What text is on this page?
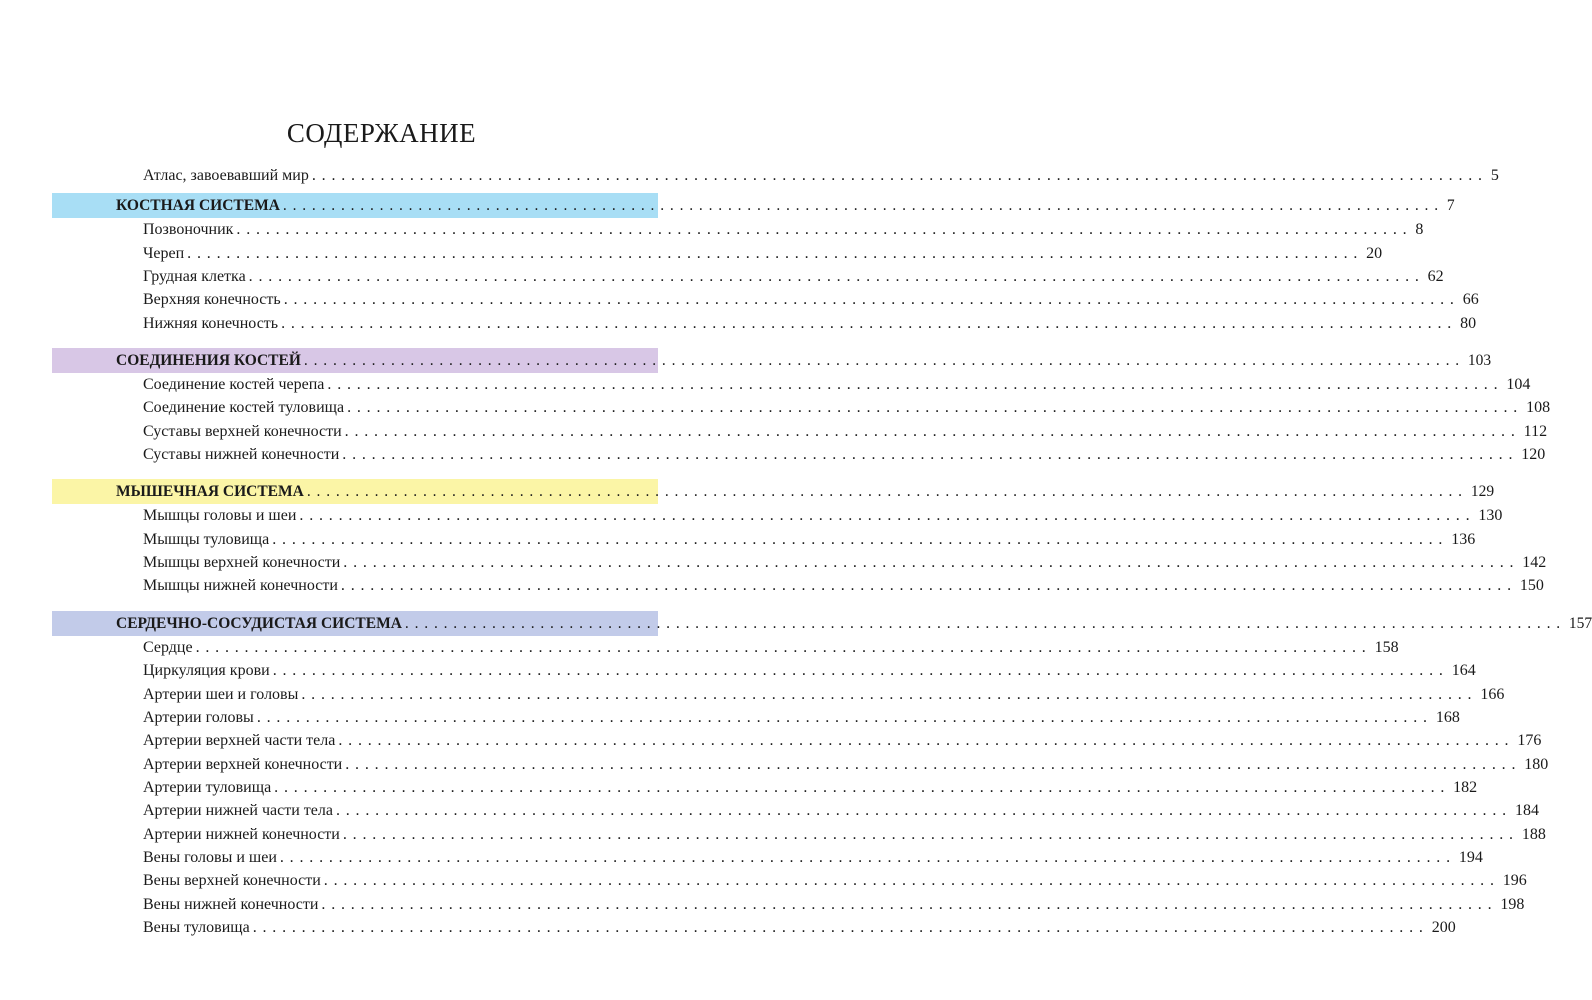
СОДЕРЖАНИЕ
Атлас, завоевавший мир ........................................................................................................................ 5
КОСТНАЯ СИСТЕМА ........................................................................................................................ 7
Позвоночник ........................................................................................................................ 8
Череп ........................................................................................................................ 20
Грудная клетка ........................................................................................................................ 62
Верхняя конечность ........................................................................................................................ 66
Нижняя конечность ........................................................................................................................ 80
СОЕДИНЕНИЯ КОСТЕЙ ........................................................................................................................ 103
Соединение костей черепа ........................................................................................................................ 104
Соединение костей туловища ........................................................................................................................ 108
Суставы верхней конечности ........................................................................................................................ 112
Суставы нижней конечности ........................................................................................................................ 120
МЫШЕЧНАЯ СИСТЕМА ........................................................................................................................ 129
Мышцы головы и шеи ........................................................................................................................ 130
Мышцы туловища ........................................................................................................................ 136
Мышцы верхней конечности ........................................................................................................................ 142
Мышцы нижней конечности ........................................................................................................................ 150
СЕРДЕЧНО-СОСУДИСТАЯ СИСТЕМА ........................................................................................................................ 157
Сердце ........................................................................................................................ 158
Циркуляция крови ........................................................................................................................ 164
Артерии шеи и головы ........................................................................................................................ 166
Артерии головы ........................................................................................................................ 168
Артерии верхней части тела ........................................................................................................................ 176
Артерии верхней конечности ........................................................................................................................ 180
Артерии туловища ........................................................................................................................ 182
Артерии нижней части тела ........................................................................................................................ 184
Артерии нижней конечности ........................................................................................................................ 188
Вены головы и шеи ........................................................................................................................ 194
Вены верхней конечности ........................................................................................................................ 196
Вены нижней конечности ........................................................................................................................ 198
Вены туловища ........................................................................................................................ 200
